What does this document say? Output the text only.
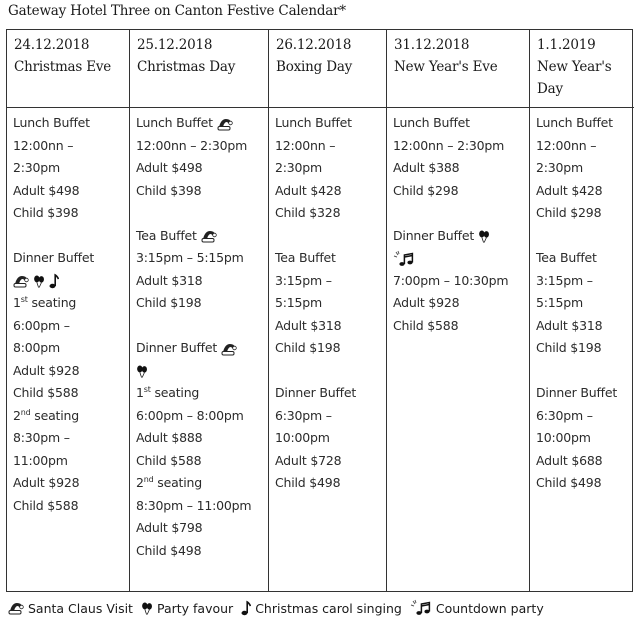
Gateway Hotel Three on Canton Festive Calendar*
24.12.2018
Christmas Eve
25.12.2018
Christmas Day
26.12.2018
Boxing Day
31.12.2018
New Year's Eve
1.1.2019
New Year's
Day
Lunch Buffet
12:00nn –
2:30pm
Adult $498
Child $398
Dinner Buffet

1st seating
6:00pm –
8:00pm
Adult $928
Child $588
2nd seating
8:30pm –
11:00pm
Adult $928
Child $588
Lunch Buffet
12:00nn – 2:30pm
Adult $498
Child $398
Tea Buffet
3:15pm – 5:15pm
Adult $318
Child $198
Dinner Buffet
1st seating
6:00pm – 8:00pm
Adult $888
Child $588
2nd seating
8:30pm – 11:00pm
Adult $798
Child $498
Lunch Buffet
12:00nn –
2:30pm
Adult $428
Child $328
Tea Buffet
3:15pm –
5:15pm
Adult $318
Child $198
Dinner Buffet
6:30pm –
10:00pm
Adult $728
Child $498
Lunch Buffet
12:00nn – 2:30pm
Adult $388
Child $298
Dinner Buffet
7:00pm – 10:30pm
Adult $928
Child $588
Lunch Buffet
12:00nn –
2:30pm
Adult $428
Child $298
Tea Buffet
3:15pm –
5:15pm
Adult $318
Child $198
Dinner Buffet
6:30pm –
10:00pm
Adult $688
Child $498
Santa Claus Visit Party favour Christmas carol singing	Countdown party
